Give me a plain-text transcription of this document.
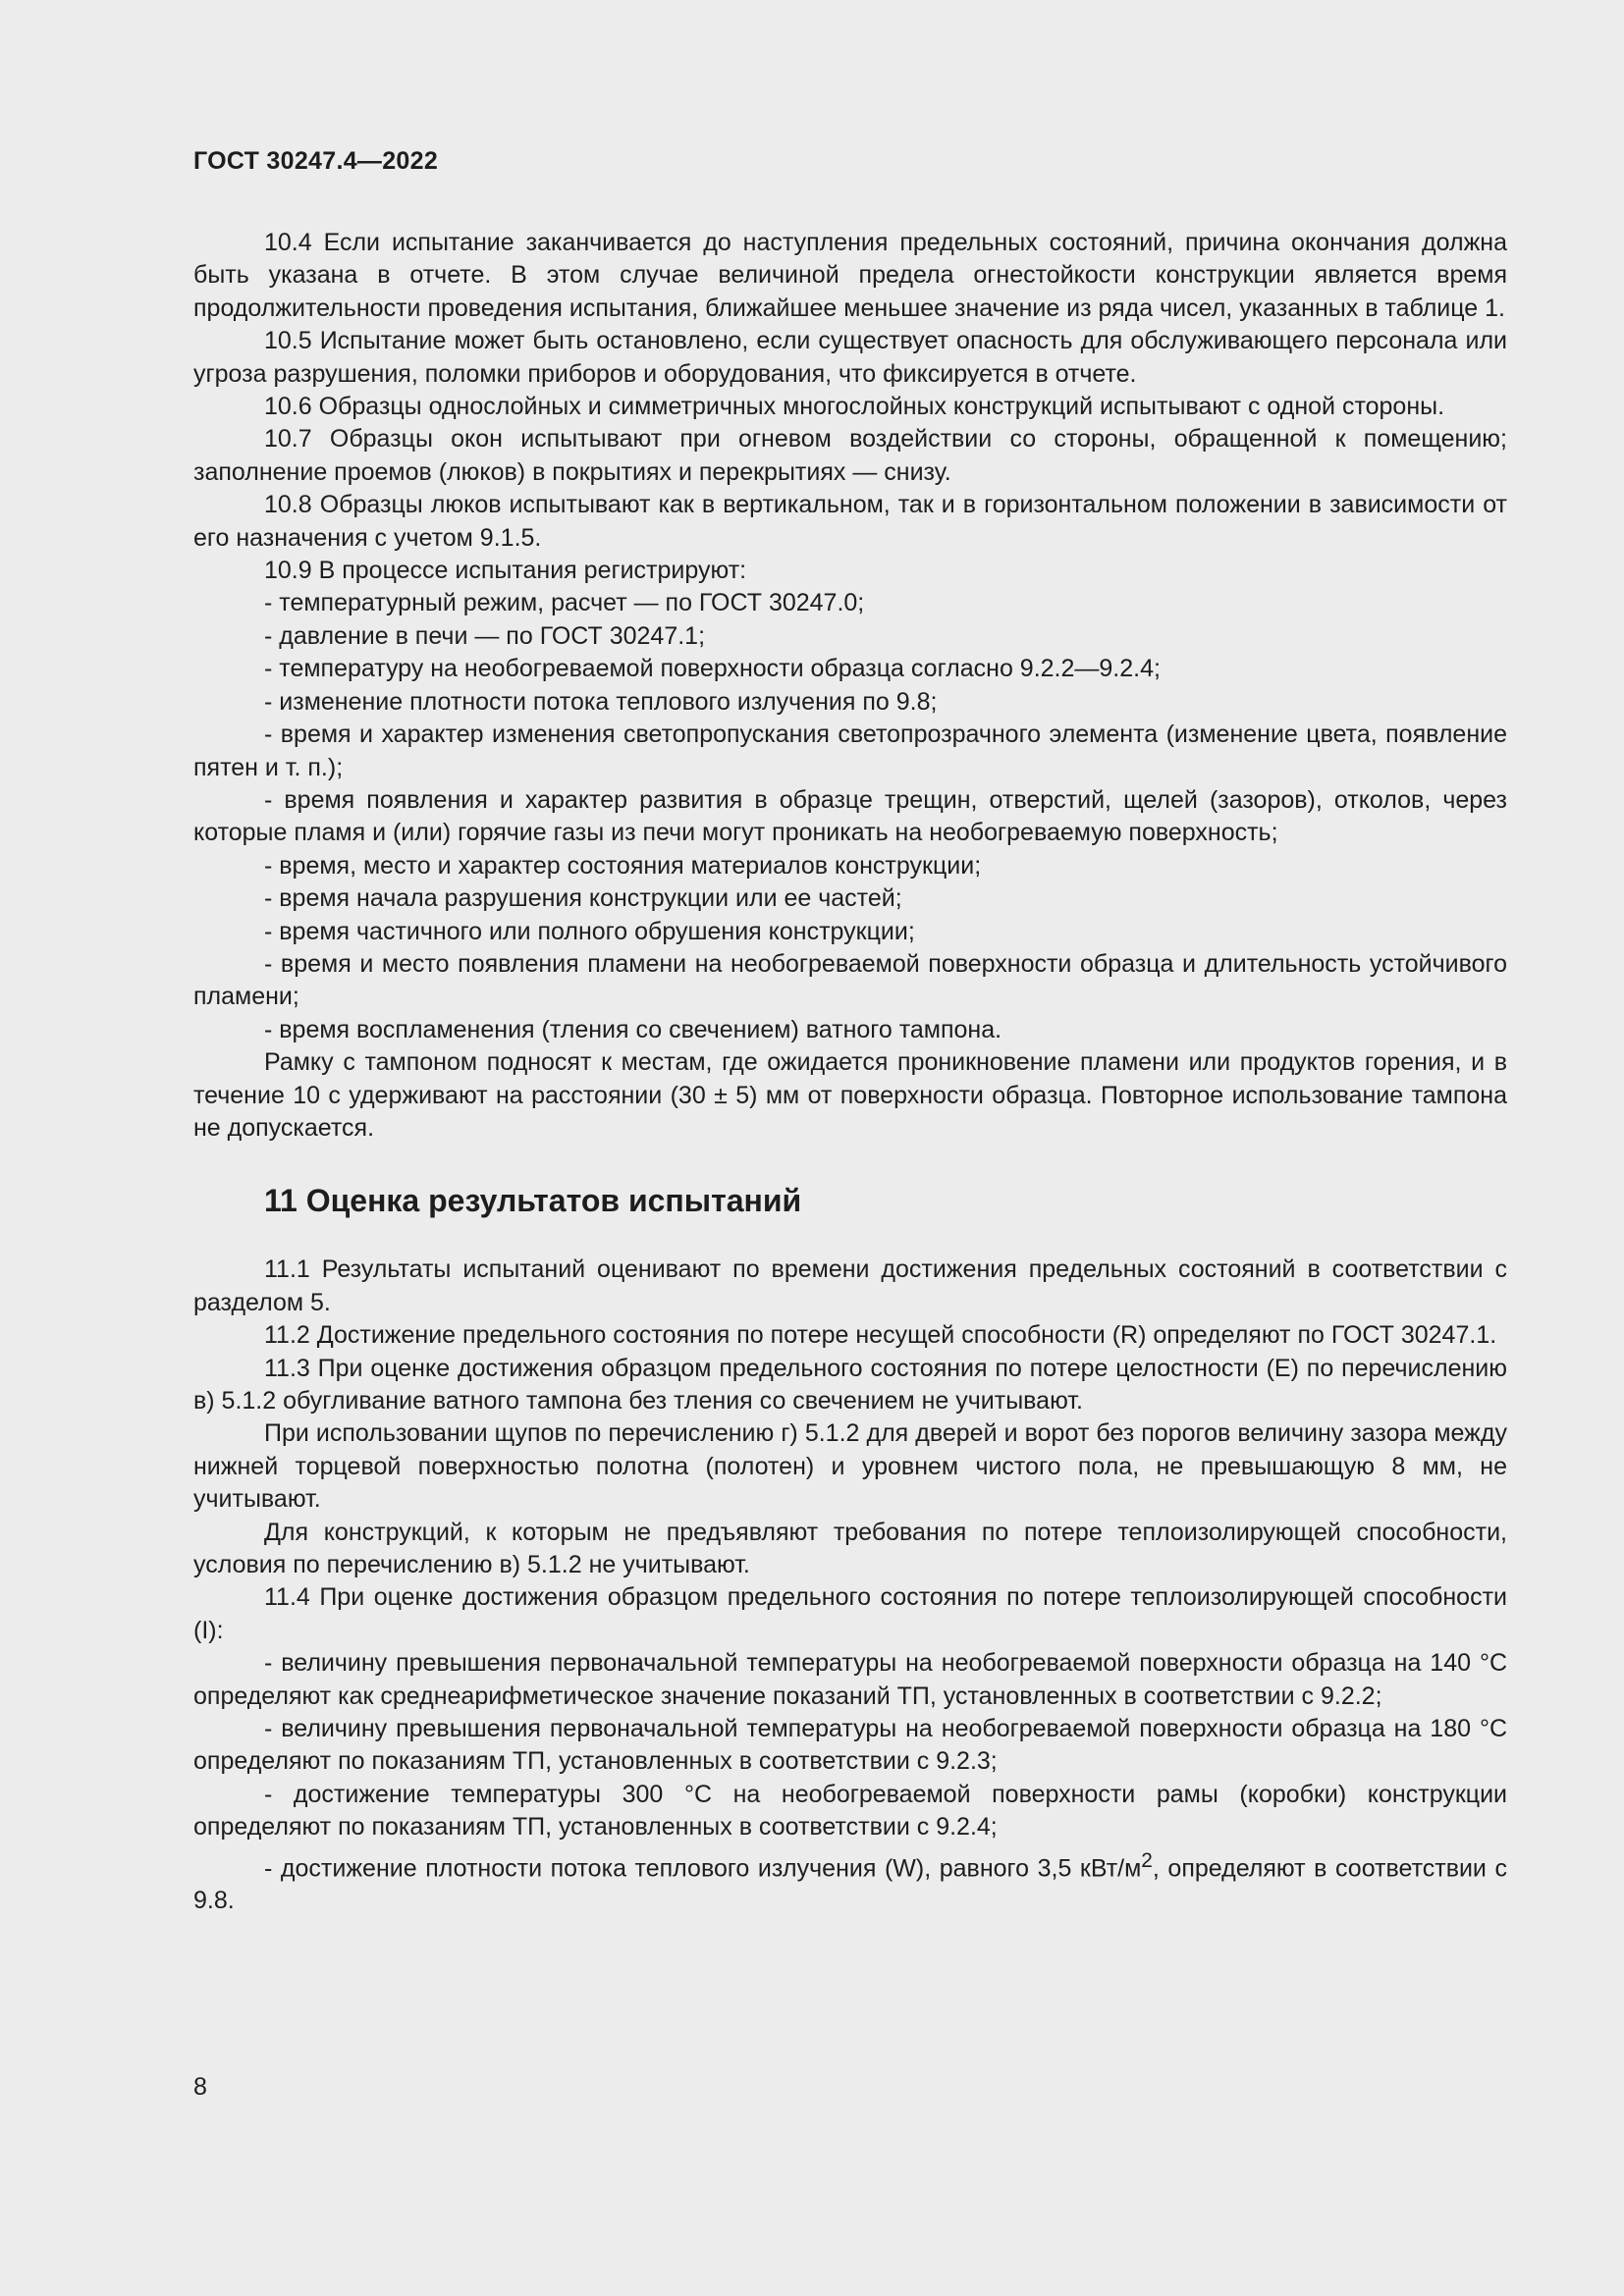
ГОСТ 30247.4—2022

10.4 Если испытание заканчивается до наступления предельных состояний, причина окончания должна быть указана в отчете. В этом случае величиной предела огнестойкости конструкции является время продолжительности проведения испытания, ближайшее меньшее значение из ряда чисел, указанных в таблице 1.

10.5 Испытание может быть остановлено, если существует опасность для обслуживающего персонала или угроза разрушения, поломки приборов и оборудования, что фиксируется в отчете.

10.6 Образцы однослойных и симметричных многослойных конструкций испытывают с одной стороны.

10.7 Образцы окон испытывают при огневом воздействии со стороны, обращенной к помещению; заполнение проемов (люков) в покрытиях и перекрытиях — снизу.

10.8 Образцы люков испытывают как в вертикальном, так и в горизонтальном положении в зависимости от его назначения с учетом 9.1.5.

10.9 В процессе испытания регистрируют:

- температурный режим, расчет — по ГОСТ 30247.0;

- давление в печи — по ГОСТ 30247.1;

- температуру на необогреваемой поверхности образца согласно 9.2.2—9.2.4;

- изменение плотности потока теплового излучения по 9.8;

- время и характер изменения светопропускания светопрозрачного элемента (изменение цвета, появление пятен и т. п.);

- время появления и характер развития в образце трещин, отверстий, щелей (зазоров), отколов, через которые пламя и (или) горячие газы из печи могут проникать на необогреваемую поверхность;

- время, место и характер состояния материалов конструкции;

- время начала разрушения конструкции или ее частей;

- время частичного или полного обрушения конструкции;

- время и место появления пламени на необогреваемой поверхности образца и длительность устойчивого пламени;

- время воспламенения (тления со свечением) ватного тампона.

Рамку с тампоном подносят к местам, где ожидается проникновение пламени или продуктов горения, и в течение 10 с удерживают на расстоянии (30 ± 5) мм от поверхности образца. Повторное использование тампона не допускается.

11 Оценка результатов испытаний

11.1 Результаты испытаний оценивают по времени достижения предельных состояний в соответствии с разделом 5.

11.2 Достижение предельного состояния по потере несущей способности (R) определяют по ГОСТ 30247.1.

11.3 При оценке достижения образцом предельного состояния по потере целостности (E) по перечислению в) 5.1.2 обугливание ватного тампона без тления со свечением не учитывают.

При использовании щупов по перечислению г) 5.1.2 для дверей и ворот без порогов величину зазора между нижней торцевой поверхностью полотна (полотен) и уровнем чистого пола, не превышающую 8 мм, не учитывают.

Для конструкций, к которым не предъявляют требования по потере теплоизолирующей способности, условия по перечислению в) 5.1.2 не учитывают.

11.4 При оценке достижения образцом предельного состояния по потере теплоизолирующей способности (I):

- величину превышения первоначальной температуры на необогреваемой поверхности образца на 140 °C определяют как среднеарифметическое значение показаний ТП, установленных в соответствии с 9.2.2;

- величину превышения первоначальной температуры на необогреваемой поверхности образца на 180 °C определяют по показаниям ТП, установленных в соответствии с 9.2.3;

- достижение температуры 300 °C на необогреваемой поверхности рамы (коробки) конструкции определяют по показаниям ТП, установленных в соответствии с 9.2.4;

- достижение плотности потока теплового излучения (W), равного 3,5 кВт/$м^2$, определяют в соответствии с 9.8.

8
